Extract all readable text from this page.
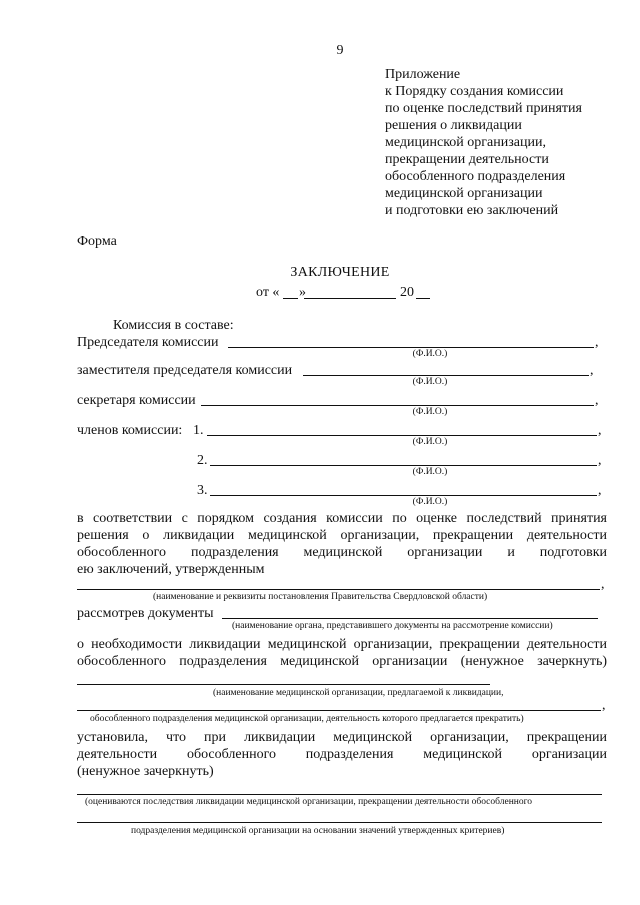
9
Приложение
к Порядку создания комиссии
по оценке последствий принятия
решения о ликвидации
медицинской организации,
прекращении деятельности
обособленного подразделения
медицинской организации
и подготовки ею заключений
Форма
ЗАКЛЮЧЕНИЕ
от « »	20
Комиссия в составе:
Председателя комиссии	,
(Ф.И.О.)
заместителя председателя комиссии	,
(Ф.И.О.)
секретаря комиссии	,
(Ф.И.О.)
членов комиссии: 1.	,
(Ф.И.О.)
2.	,
(Ф.И.О.)
3.	,
(Ф.И.О.)
в соответствии с порядком создания комиссии по оценке последствий принятия
решения о ликвидации медицинской организации, прекращении деятельности
обособленного подразделения медицинской организации и подготовки
ею заключений, утвержденным
,
(наименование и реквизиты постановления Правительства Свердловской области)
рассмотрев документы
(наименование органа, представившего документы на рассмотрение комиссии)
о необходимости ликвидации медицинской организации, прекращении деятельности
обособленного подразделения медицинской организации (ненужное зачеркнуть)
(наименование медицинской организации, предлагаемой к ликвидации,
,
обособленного подразделения медицинской организации, деятельность которого предлагается прекратить)
установила, что при ликвидации медицинской организации, прекращении
деятельности обособленного подразделения медицинской организации
(ненужное зачеркнуть)
(оцениваются последствия ликвидации медицинской организации, прекращении деятельности обособленного
подразделения медицинской организации на основании значений утвержденных критериев)
